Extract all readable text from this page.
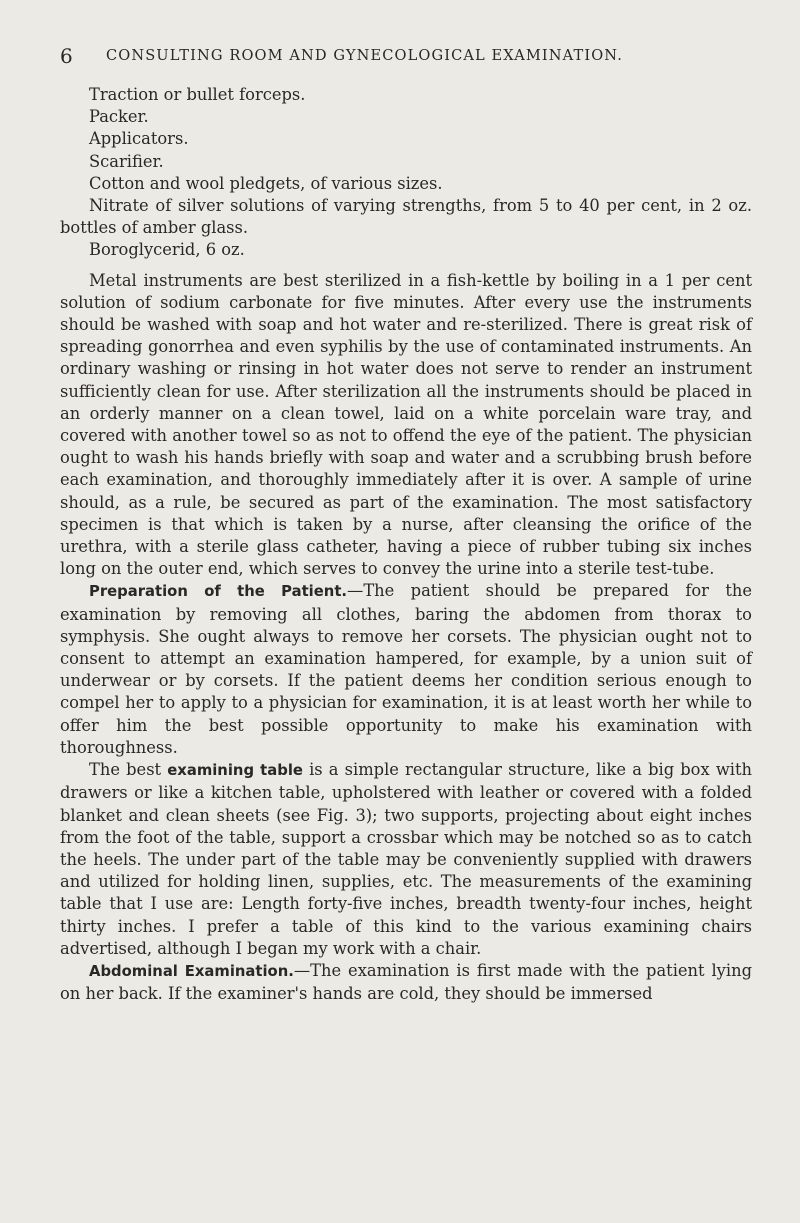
6 CONSULTING ROOM AND GYNECOLOGICAL EXAMINATION.
Traction or bullet forceps.
Packer.
Applicators.
Scarifier.
Cotton and wool pledgets, of various sizes.
Nitrate of silver solutions of varying strengths, from 5 to 40 per cent, in 2 oz. bottles of amber glass.
Boroglycerid, 6 oz.

Metal instruments are best sterilized in a fish-kettle by boiling in a 1 per cent solution of sodium carbonate for five minutes. After every use the instruments should be washed with soap and hot water and re-sterilized. There is great risk of spreading gonorrhea and even syphilis by the use of contaminated instruments. An ordinary washing or rinsing in hot water does not serve to render an instrument sufficiently clean for use. After sterilization all the instruments should be placed in an orderly manner on a clean towel, laid on a white porcelain ware tray, and covered with another towel so as not to offend the eye of the patient. The physician ought to wash his hands briefly with soap and water and a scrubbing brush before each examination, and thoroughly immediately after it is over. A sample of urine should, as a rule, be secured as part of the examination. The most satisfactory specimen is that which is taken by a nurse, after cleansing the orifice of the urethra, with a sterile glass catheter, having a piece of rubber tubing six inches long on the outer end, which serves to convey the urine into a sterile test-tube.

Preparation of the Patient.—The patient should be prepared for the examination by removing all clothes, baring the abdomen from thorax to symphysis. She ought always to remove her corsets. The physician ought not to consent to attempt an examination hampered, for example, by a union suit of underwear or by corsets. If the patient deems her condition serious enough to compel her to apply to a physician for examination, it is at least worth her while to offer him the best possible opportunity to make his examination with thoroughness.

The best examining table is a simple rectangular structure, like a big box with drawers or like a kitchen table, upholstered with leather or covered with a folded blanket and clean sheets (see Fig. 3); two supports, projecting about eight inches from the foot of the table, support a crossbar which may be notched so as to catch the heels. The under part of the table may be conveniently supplied with drawers and utilized for holding linen, supplies, etc. The measurements of the examining table that I use are: Length forty-five inches, breadth twenty-four inches, height thirty inches. I prefer a table of this kind to the various examining chairs advertised, although I began my work with a chair.

Abdominal Examination.—The examination is first made with the patient lying on her back. If the examiner's hands are cold, they should be immersed
